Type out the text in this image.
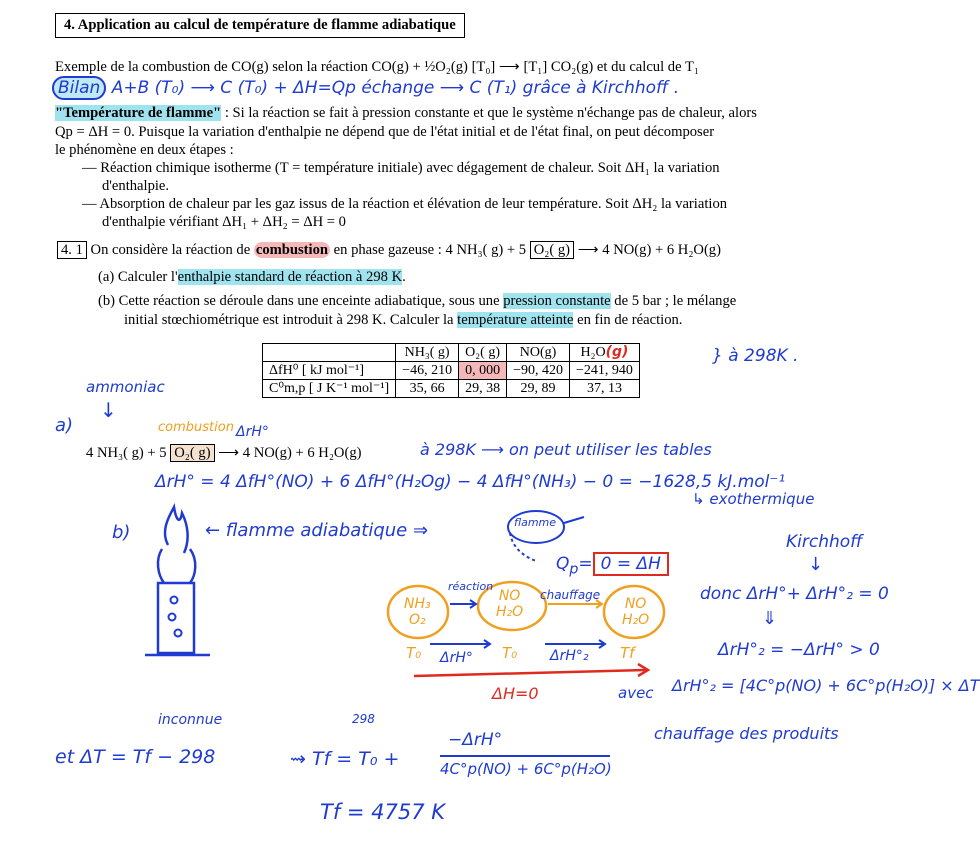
4. Application au calcul de température de flamme adiabatique
Exemple de la combustion de CO(g) selon la réaction CO(g) + ½O₂(g) [T₀] ⟶ [T₁] CO₂(g) et du calcul de T₁
"Température de flamme" : Si la réaction se fait à pression constante et que le système n'échange pas de chaleur, alors
Qp = ΔH = 0. Puisque la variation d'enthalpie ne dépend que de l'état initial et de l'état final, on peut décomposer
le phénomène en deux étapes :
— Réaction chimique isotherme (T = température initiale) avec dégagement de chaleur. Soit ΔH₁ la variation
d'enthalpie.
— Absorption de chaleur par les gaz issus de la réaction et élévation de leur température. Soit ΔH₂ la variation
d'enthalpie vérifiant ΔH₁ + ΔH₂ = ΔH = 0
4. 1 On considère la réaction de combustion en phase gazeuse : 4 NH₃( g) + 5 O₂( g) ⟶ 4 NO(g) + 6 H₂O(g)
(a) Calculer l'enthalpie standard de réaction à 298 K.
(b) Cette réaction se déroule dans une enceinte adiabatique, sous une pression constante de 5 bar ; le mélange
initial stœchiométrique est introduit à 298 K. Calculer la température atteinte en fin de réaction.
	NH₃( g)	O₂( g)	NO(g)	H₂O(g)
ΔfH⁰ [ kJ mol⁻¹]	−46, 210	0, 000	−90, 420	−241, 940
C⁰m,p [ J K⁻¹ mol⁻¹]	35, 66	29, 38	29, 89	37, 13
Bilan A+B (T₀) ⟶ C (T₀) + ΔH=Qp échange ⟶ C (T₁) grâce à Kirchhoff .
} à 298K .
ammoniac
a)
↓
combustion ΔrH°
4 NH₃( g) + 5 O₂( g) ⟶ 4 NO(g) + 6 H₂O(g)	à 298K ⟶ on peut utiliser les tables
ΔrH° = 4 ΔfH°(NO) + 6 ΔfH°(H₂Og) − 4 ΔfH°(NH₃) − 0 = −1628,5 kJ.mol⁻¹
↳ exothermique
b)	← flamme adiabatique ⇒	flamme
$Q_p= 0 = \Delta H$
Kirchhoff
↓
donc ΔrH°+ ΔrH°₂ = 0
⇓
ΔrH°₂ = −ΔrH° > 0
avec ΔrH°₂ = [4C°p(NO) + 6C°p(H₂O)] × ΔT
chauffage des produits
NH₃
O₂
NO
H₂O	NO
H₂O
réaction
chauffage
T₀	T₀	Tf
ΔrH°	ΔrH°₂
ΔH=0
inconnue
et ΔT = Tf − 298	⇝ Tf = T₀ +
298
−ΔrH°
4C°p(NO) + 6C°p(H₂O)
Tf = 4757 K
